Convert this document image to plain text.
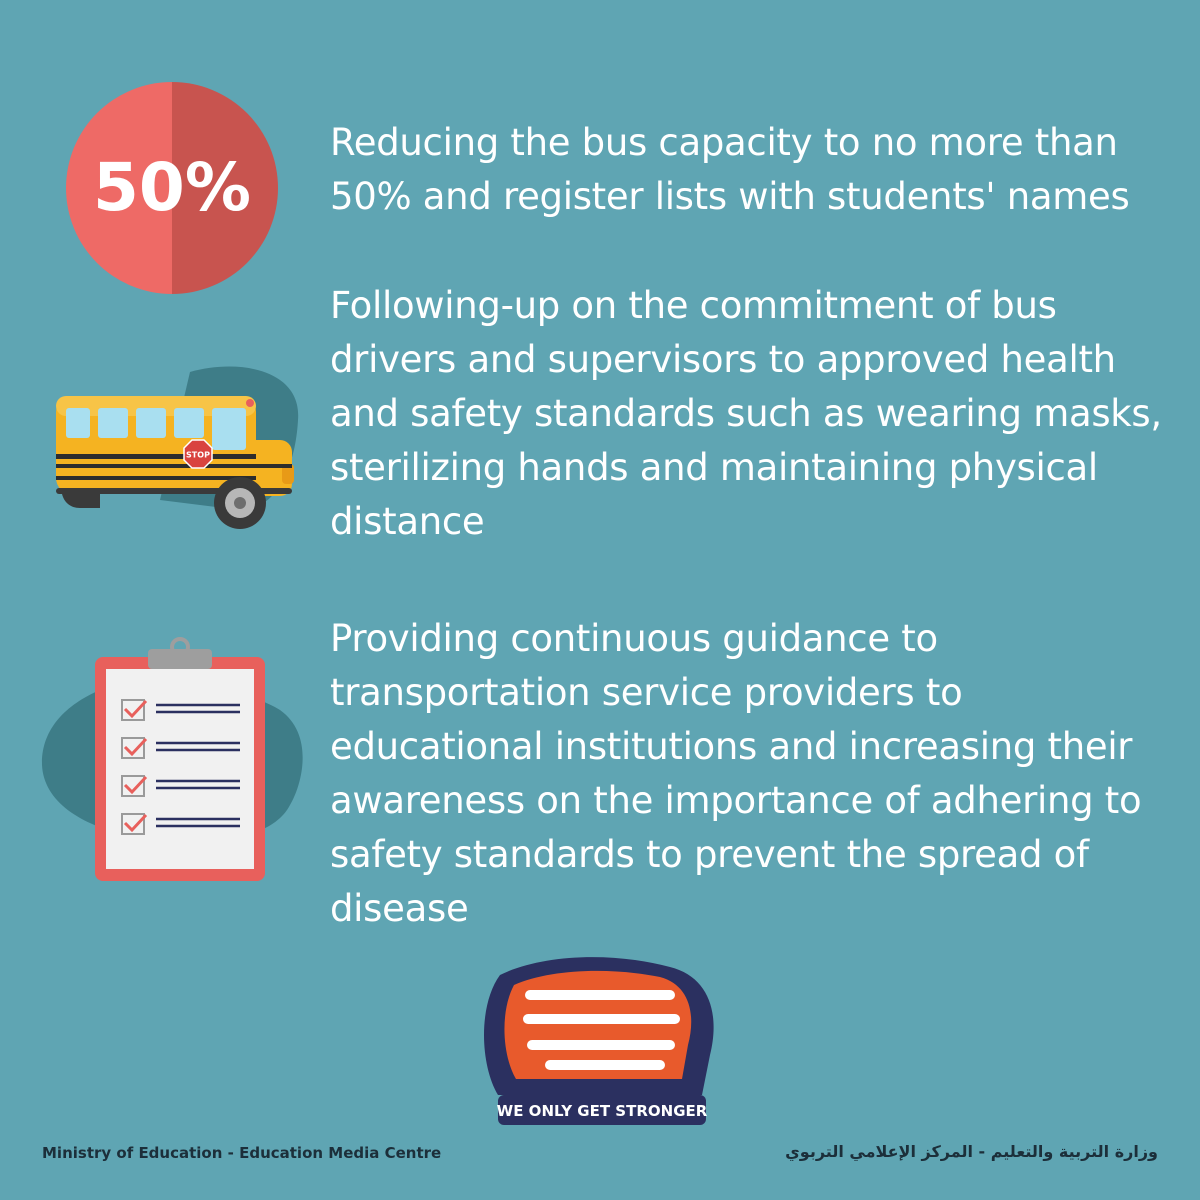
50%
Reducing the bus capacity to no more than 50% and register lists with students' names
STOP
Following-up on the commitment of bus drivers and supervisors to approved health and safety standards such as wearing masks, sterilizing hands and maintaining physical distance
Providing continuous guidance to transportation service providers to educational institutions and increasing their awareness on the importance of adhering to safety standards to prevent the spread of disease
WE ONLY GET STRONGER
Ministry of Education - Education Media Centre	وزارة التربية والتعليم - المركز الإعلامي التربوي
